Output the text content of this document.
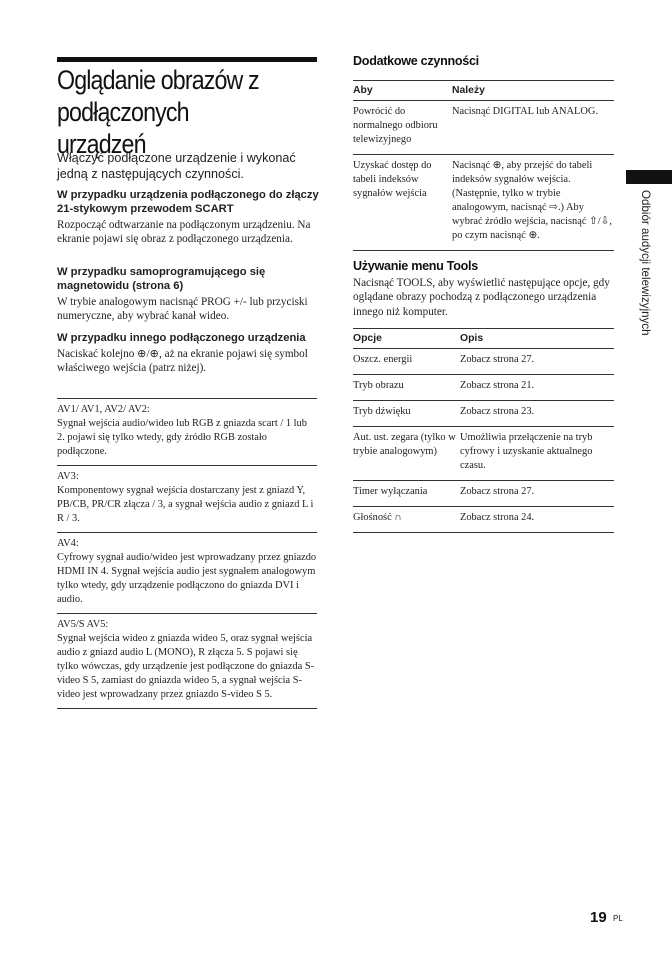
Oglądanie obrazów z podłączonych urządzeń
Włączyć podłączone urządzenie i wykonać jedną z następujących czynności.
W przypadku urządzenia podłączonego do złączy 21-stykowym przewodem SCART
Rozpocząć odtwarzanie na podłączonym urządzeniu. Na ekranie pojawi się obraz z podłączonego urządzenia.
W przypadku samoprogramującego się magnetowidu (strona 6)
W trybie analogowym nacisnąć PROG +/- lub przyciski numeryczne, aby wybrać kanał wideo.
W przypadku innego podłączonego urządzenia
Naciskać kolejno ⊕/⊕, aż na ekranie pojawi się symbol właściwego wejścia (patrz niżej).
AV1/ AV1, AV2/ AV2:
Sygnał wejścia audio/wideo lub RGB z gniazda scart / 1 lub 2. pojawi się tylko wtedy, gdy źródło RGB zostało podłączone.
AV3:
Komponentowy sygnał wejścia dostarczany jest z gniazd Y, PB/CB, PR/CR złącza / 3, a sygnał wejścia audio z gniazd L i R / 3.
AV4:
Cyfrowy sygnał audio/wideo jest wprowadzany przez gniazdo HDMI IN 4. Sygnał wejścia audio jest sygnałem analogowym tylko wtedy, gdy urządzenie podłączono do gniazda DVI i audio.
AV5/S AV5:
Sygnał wejścia wideo z gniazda wideo 5, oraz sygnał wejścia audio z gniazd audio L (MONO), R złącza 5. S pojawi się tylko wówczas, gdy urządzenie jest podłączone do gniazda S-video S 5, zamiast do gniazda wideo 5, a sygnał wejścia S-video jest wprowadzany przez gniazdo S-video S 5.
Dodatkowe czynności
Aby	Należy
Powrócić do normalnego odbioru telewizyjnego	Nacisnąć DIGITAL lub ANALOG.
Uzyskać dostęp do tabeli indeksów sygnałów wejścia	Nacisnąć ⊕, aby przejść do tabeli indeksów sygnałów wejścia. (Następnie, tylko w trybie analogowym, nacisnąć ⇨.) Aby wybrać źródło wejścia, nacisnąć ⇧/⇩, po czym nacisnąć ⊕.
Używanie menu Tools
Nacisnąć TOOLS, aby wyświetlić następujące opcje, gdy oglądane obrazy pochodzą z podłączonego urządzenia innego niż komputer.
Opcje	Opis
Oszcz. energii	Zobacz strona 27.
Tryb obrazu	Zobacz strona 21.
Tryb dźwięku	Zobacz strona 23.
Aut. ust. zegara (tylko w trybie analogowym)	Umożliwia przełączenie na tryb cyfrowy i uzyskanie aktualnego czasu.
Timer wyłączania	Zobacz strona 27.
Głośność ∩	Zobacz strona 24.
Odbiór audycji telewizyjnych
19 PL
